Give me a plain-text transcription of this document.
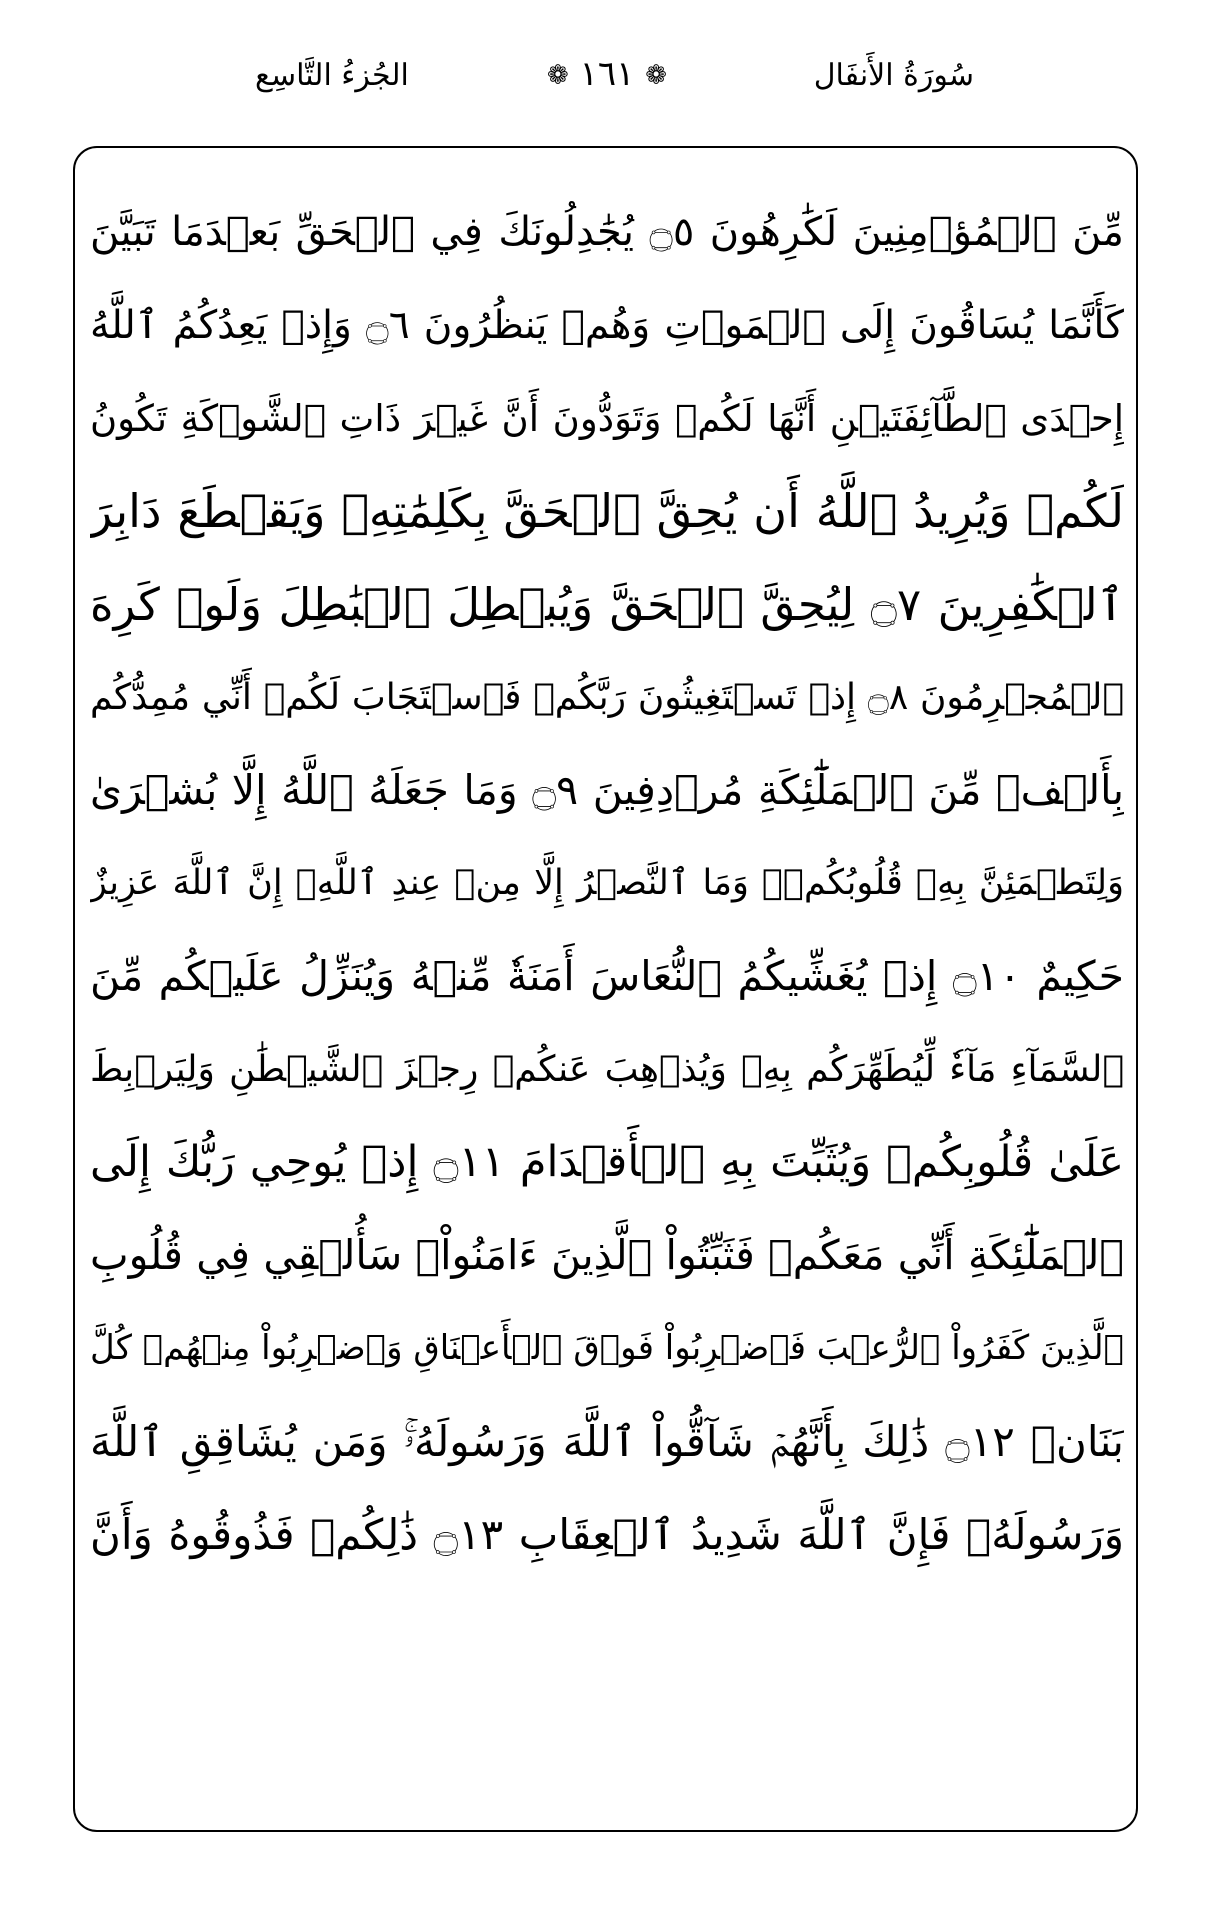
الجُزءُ التَّاسِع	❁ ١٦١ ❁	سُورَةُ الأَنفَال
مِّنَ ٱلۡمُؤۡمِنِينَ لَكَٰرِهُونَ ۝٥ يُجَٰدِلُونَكَ فِي ٱلۡحَقِّ بَعۡدَمَا تَبَيَّنَ
كَأَنَّمَا يُسَاقُونَ إِلَى ٱلۡمَوۡتِ وَهُمۡ يَنظُرُونَ ۝٦ وَإِذۡ يَعِدُكُمُ ٱللَّهُ
إِحۡدَى ٱلطَّآئِفَتَيۡنِ أَنَّهَا لَكُمۡ وَتَوَدُّونَ أَنَّ غَيۡرَ ذَاتِ ٱلشَّوۡكَةِ تَكُونُ
لَكُمۡ وَيُرِيدُ ٱللَّهُ أَن يُحِقَّ ٱلۡحَقَّ بِكَلِمَٰتِهِۦ وَيَقۡطَعَ دَابِرَ
ٱلۡكَٰفِرِينَ ۝٧ لِيُحِقَّ ٱلۡحَقَّ وَيُبۡطِلَ ٱلۡبَٰطِلَ وَلَوۡ كَرِهَ
ٱلۡمُجۡرِمُونَ ۝٨ إِذۡ تَسۡتَغِيثُونَ رَبَّكُمۡ فَٱسۡتَجَابَ لَكُمۡ أَنِّي مُمِدُّكُم
بِأَلۡفٖ مِّنَ ٱلۡمَلَٰٓئِكَةِ مُرۡدِفِينَ ۝٩ وَمَا جَعَلَهُ ٱللَّهُ إِلَّا بُشۡرَىٰ
وَلِتَطۡمَئِنَّ بِهِۦ قُلُوبُكُمۡۚ وَمَا ٱلنَّصۡرُ إِلَّا مِنۡ عِندِ ٱللَّهِۚ إِنَّ ٱللَّهَ عَزِيزٌ
حَكِيمٌ ۝١٠ إِذۡ يُغَشِّيكُمُ ٱلنُّعَاسَ أَمَنَةٗ مِّنۡهُ وَيُنَزِّلُ عَلَيۡكُم مِّنَ
ٱلسَّمَآءِ مَآءٗ لِّيُطَهِّرَكُم بِهِۦ وَيُذۡهِبَ عَنكُمۡ رِجۡزَ ٱلشَّيۡطَٰنِ وَلِيَرۡبِطَ
عَلَىٰ قُلُوبِكُمۡ وَيُثَبِّتَ بِهِ ٱلۡأَقۡدَامَ ۝١١ إِذۡ يُوحِي رَبُّكَ إِلَى
ٱلۡمَلَٰٓئِكَةِ أَنِّي مَعَكُمۡ فَثَبِّتُواْ ٱلَّذِينَ ءَامَنُواْۚ سَأُلۡقِي فِي قُلُوبِ
ٱلَّذِينَ كَفَرُواْ ٱلرُّعۡبَ فَٱضۡرِبُواْ فَوۡقَ ٱلۡأَعۡنَاقِ وَٱضۡرِبُواْ مِنۡهُمۡ كُلَّ
بَنَانٖ ۝١٢ ذَٰلِكَ بِأَنَّهُمۡ شَآقُّواْ ٱللَّهَ وَرَسُولَهُۥۚ وَمَن يُشَاقِقِ ٱللَّهَ
وَرَسُولَهُۥ فَإِنَّ ٱللَّهَ شَدِيدُ ٱلۡعِقَابِ ۝١٣ ذَٰلِكُمۡ فَذُوقُوهُ وَأَنَّ
